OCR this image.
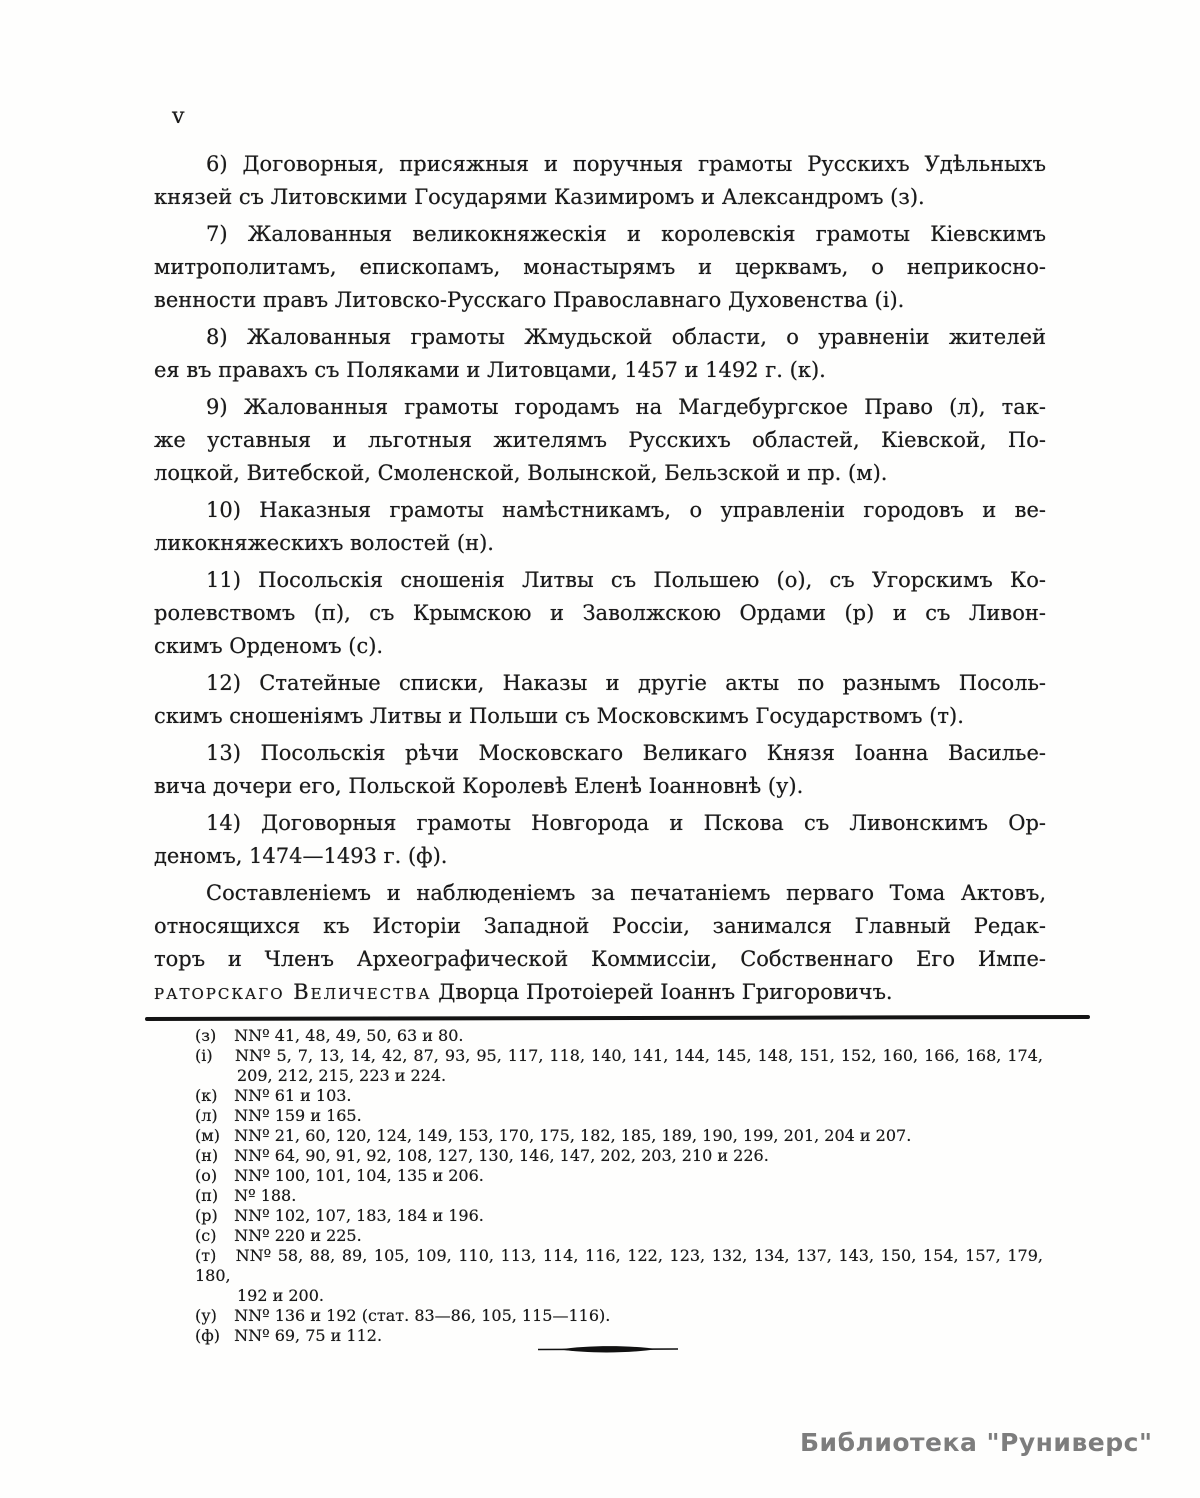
v
6) Договорныя, присяжныя и поручныя грамоты Русскихъ Удѣльныхъ
князей съ Литовскими Государями Казимиромъ и Александромъ (з).
7) Жалованныя великокняжескія и королевскія грамоты Кіевскимъ
митрополитамъ, епископамъ, монастырямъ и церквамъ, о неприкосно-
венности правъ Литовско-Русскаго Православнаго Духовенства (і).
8) Жалованныя грамоты Жмудьской области, о уравненіи жителей
ея въ правахъ съ Поляками и Литовцами, 1457 и 1492 г. (к).
9) Жалованныя грамоты городамъ на Магдебургское Право (л), так-
же уставныя и льготныя жителямъ Русскихъ областей, Кіевской, По-
лоцкой, Витебской, Смоленской, Волынской, Бельзской и пр. (м).
10) Наказныя грамоты намѣстникамъ, о управленіи городовъ и ве-
ликокняжескихъ волостей (н).
11) Посольскія сношенія Литвы съ Польшею (о), съ Угорскимъ Ко-
ролевствомъ (п), съ Крымскою и Заволжскою Ордами (р) и съ Ливон-
скимъ Орденомъ (с).
12) Статейные списки, Наказы и другіе акты по разнымъ Посоль-
скимъ сношеніямъ Литвы и Польши съ Московскимъ Государствомъ (т).
13) Посольскія рѣчи Московскаго Великаго Князя Іоанна Василье-
вича дочери его, Польской Королевѣ Еленѣ Іоанновнѣ (у).
14) Договорныя грамоты Новгорода и Пскова съ Ливонскимъ Ор-
деномъ, 1474—1493 г. (ф).
Составленіемъ и наблюденіемъ за печатаніемъ перваго Тома Актовъ,
относящихся къ Исторіи Западной Россіи, занимался Главный Редак-
торъ и Членъ Археографической Коммиссіи, Собственнаго Его Импе-
раторскаго Величества Дворца Протоіерей Іоаннъ Григоровичъ.
(з) NNº 41, 48, 49, 50, 63 и 80.
(і) NNº 5, 7, 13, 14, 42, 87, 93, 95, 117, 118, 140, 141, 144, 145, 148, 151, 152, 160, 166, 168, 174,
209, 212, 215, 223 и 224.
(к) NNº 61 и 103.
(л) NNº 159 и 165.
(м) NNº 21, 60, 120, 124, 149, 153, 170, 175, 182, 185, 189, 190, 199, 201, 204 и 207.
(н) NNº 64, 90, 91, 92, 108, 127, 130, 146, 147, 202, 203, 210 и 226.
(о) NNº 100, 101, 104, 135 и 206.
(п) Nº 188.
(р) NNº 102, 107, 183, 184 и 196.
(с) NNº 220 и 225.
(т) NNº 58, 88, 89, 105, 109, 110, 113, 114, 116, 122, 123, 132, 134, 137, 143, 150, 154, 157, 179, 180,
192 и 200.
(у) NNº 136 и 192 (стат. 83—86, 105, 115—116).
(ф) NNº 69, 75 и 112.
Библиотека "Руниверс"
